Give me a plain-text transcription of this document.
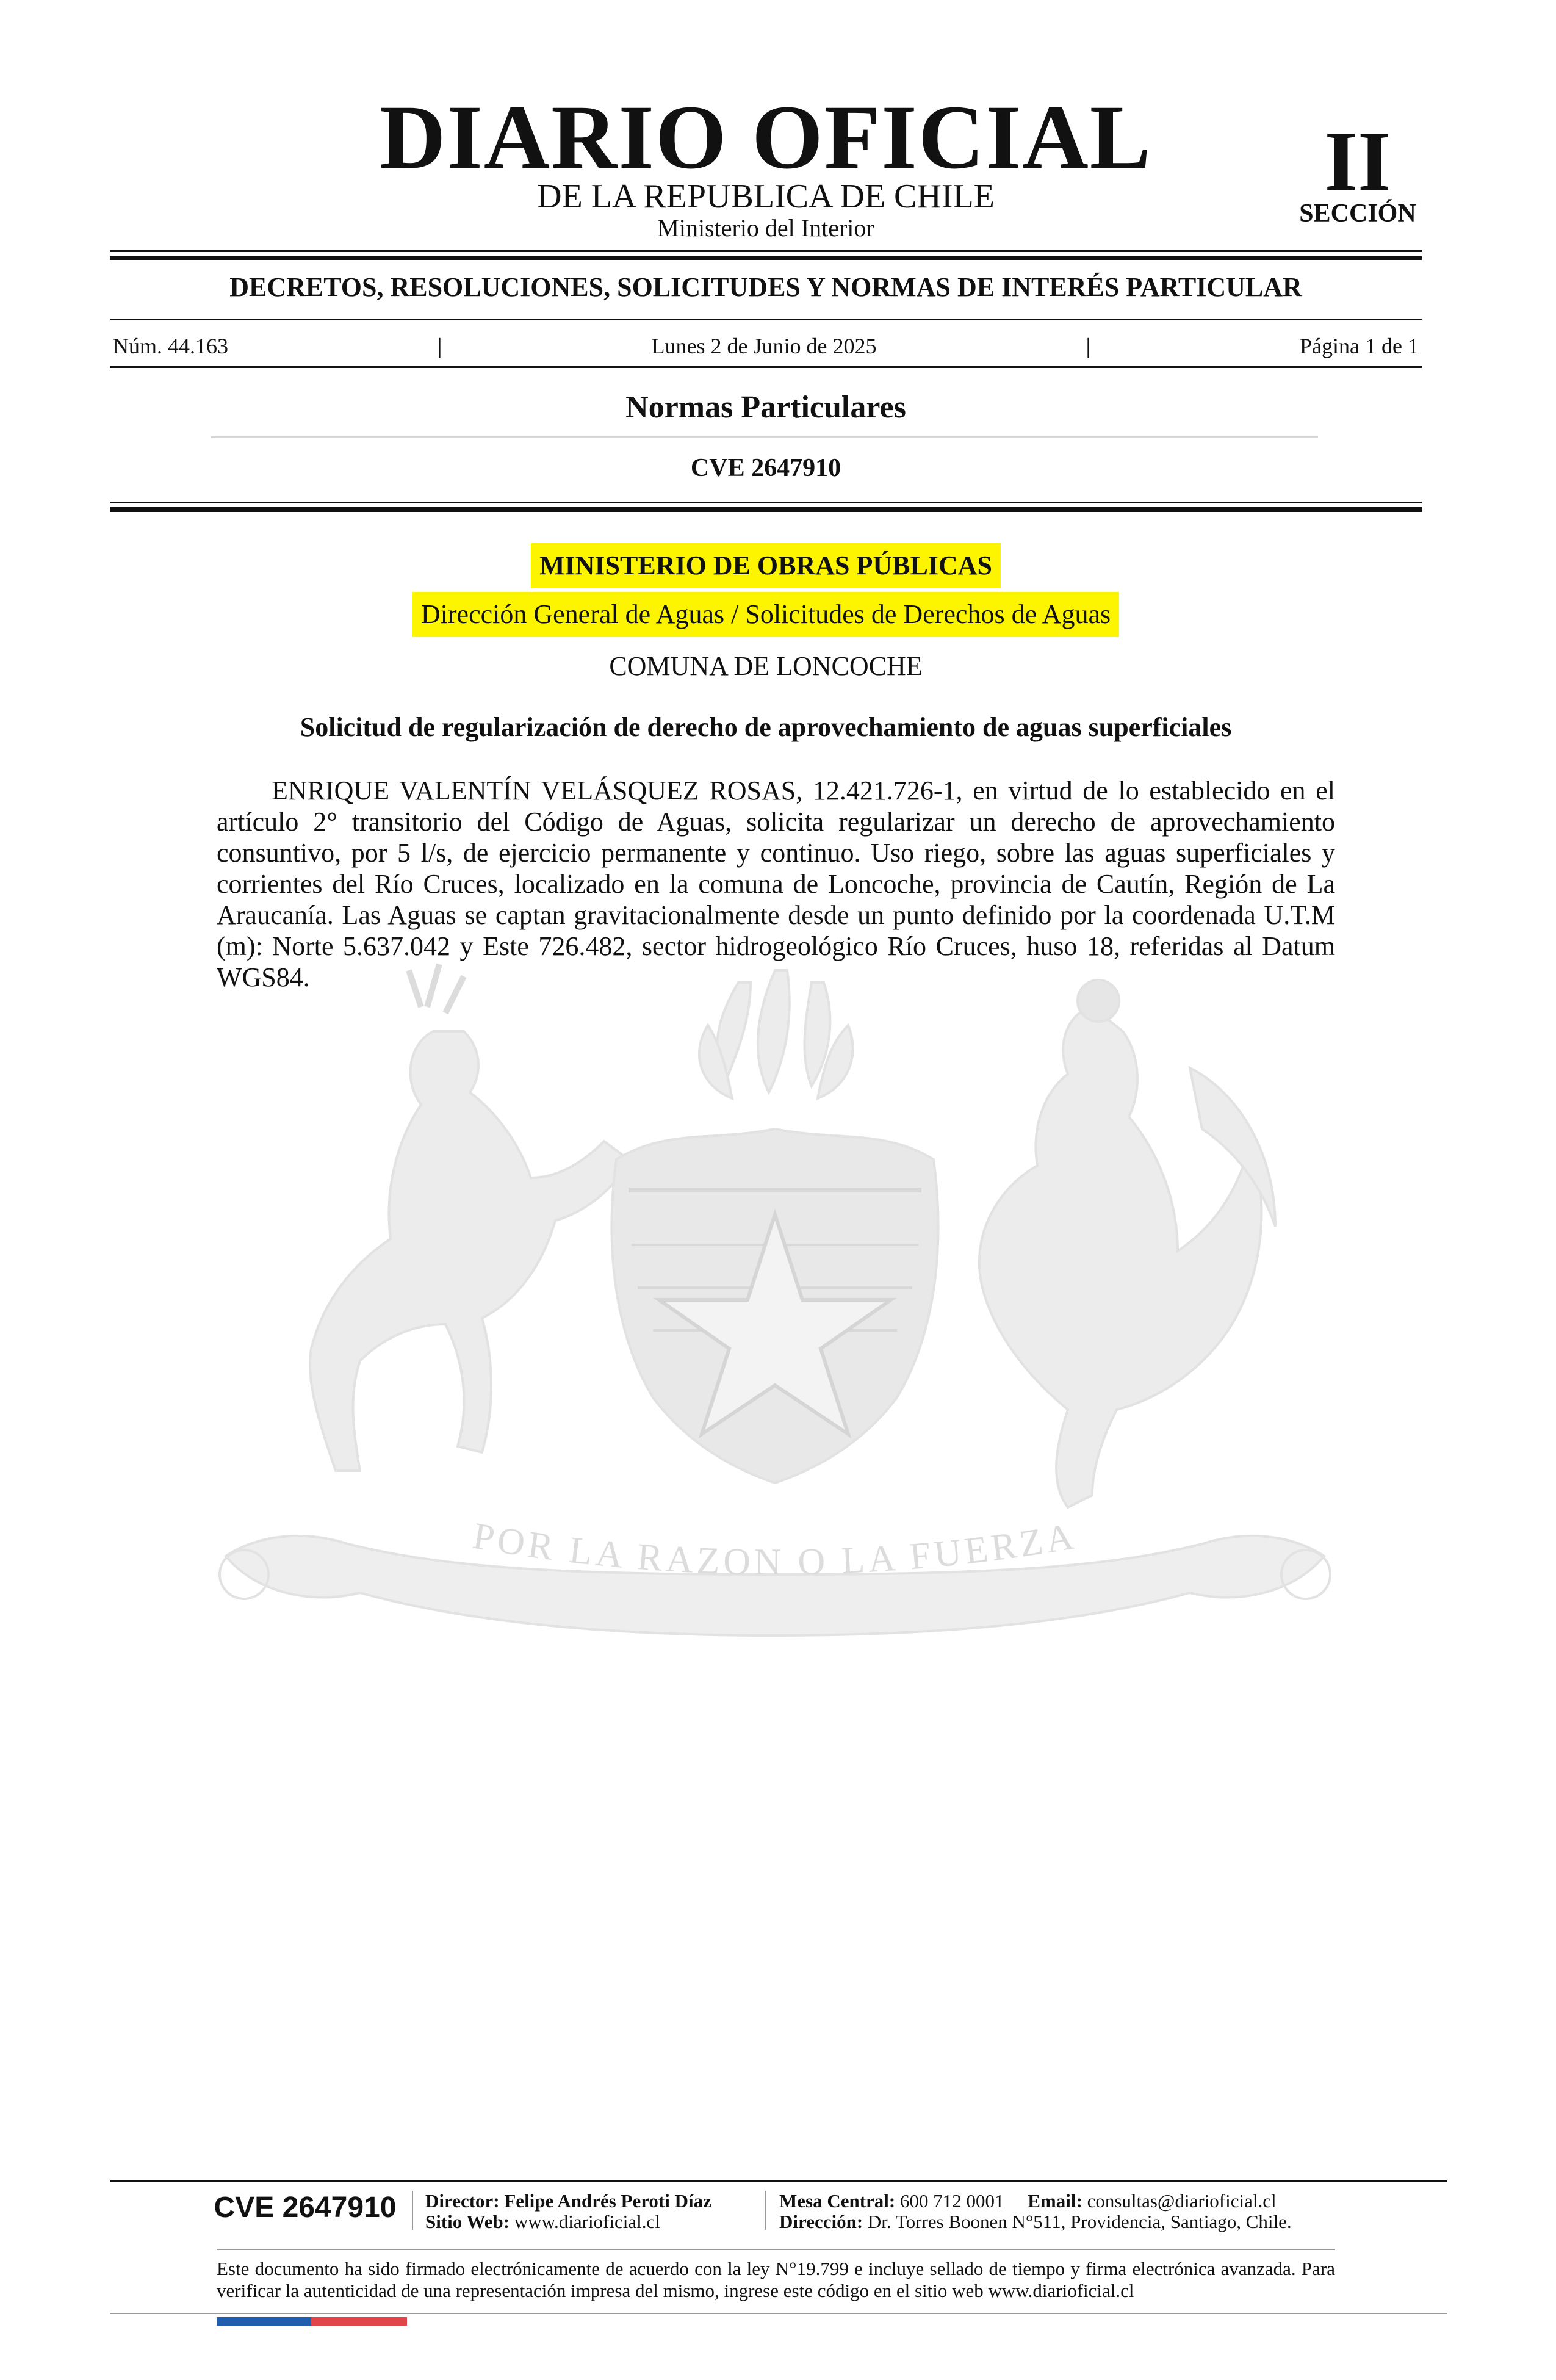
DIARIO OFICIAL
DE LA REPUBLICA DE CHILE
Ministerio del Interior
II
SECCIÓN
DECRETOS, RESOLUCIONES, SOLICITUDES Y NORMAS DE INTERÉS PARTICULAR
Núm. 44.163	|	Lunes 2 de Junio de 2025	|	Página 1 de 1
Normas Particulares
CVE 2647910
POR LA RAZON O LA FUERZA
MINISTERIO DE OBRAS PÚBLICAS
Dirección General de Aguas / Solicitudes de Derechos de Aguas
COMUNA DE LONCOCHE
Solicitud de regularización de derecho de aprovechamiento de aguas superficiales
ENRIQUE VALENTÍN VELÁSQUEZ ROSAS, 12.421.726-1, en virtud de lo establecido en el artículo 2° transitorio del Código de Aguas, solicita regularizar un derecho de aprovechamiento consuntivo, por 5 l/s, de ejercicio permanente y continuo. Uso riego, sobre las aguas superficiales y corrientes del Río Cruces, localizado en la comuna de Loncoche, provincia de Cautín, Región de La Araucanía. Las Aguas se captan gravitacionalmente desde un punto definido por la coordenada U.T.M (m): Norte 5.637.042 y Este 726.482, sector hidrogeológico Río Cruces, huso 18, referidas al Datum WGS84.
CVE 2647910	Director: Felipe Andrés Peroti Díaz
Sitio Web: www.diarioficial.cl
Mesa Central: 600 712 0001 Email: consultas@diarioficial.cl
Dirección: Dr. Torres Boonen N°511, Providencia, Santiago, Chile.
Este documento ha sido firmado electrónicamente de acuerdo con la ley N°19.799 e incluye sellado de tiempo y firma electrónica avanzada. Para verificar la autenticidad de una representación impresa del mismo, ingrese este código en el sitio web www.diarioficial.cl
